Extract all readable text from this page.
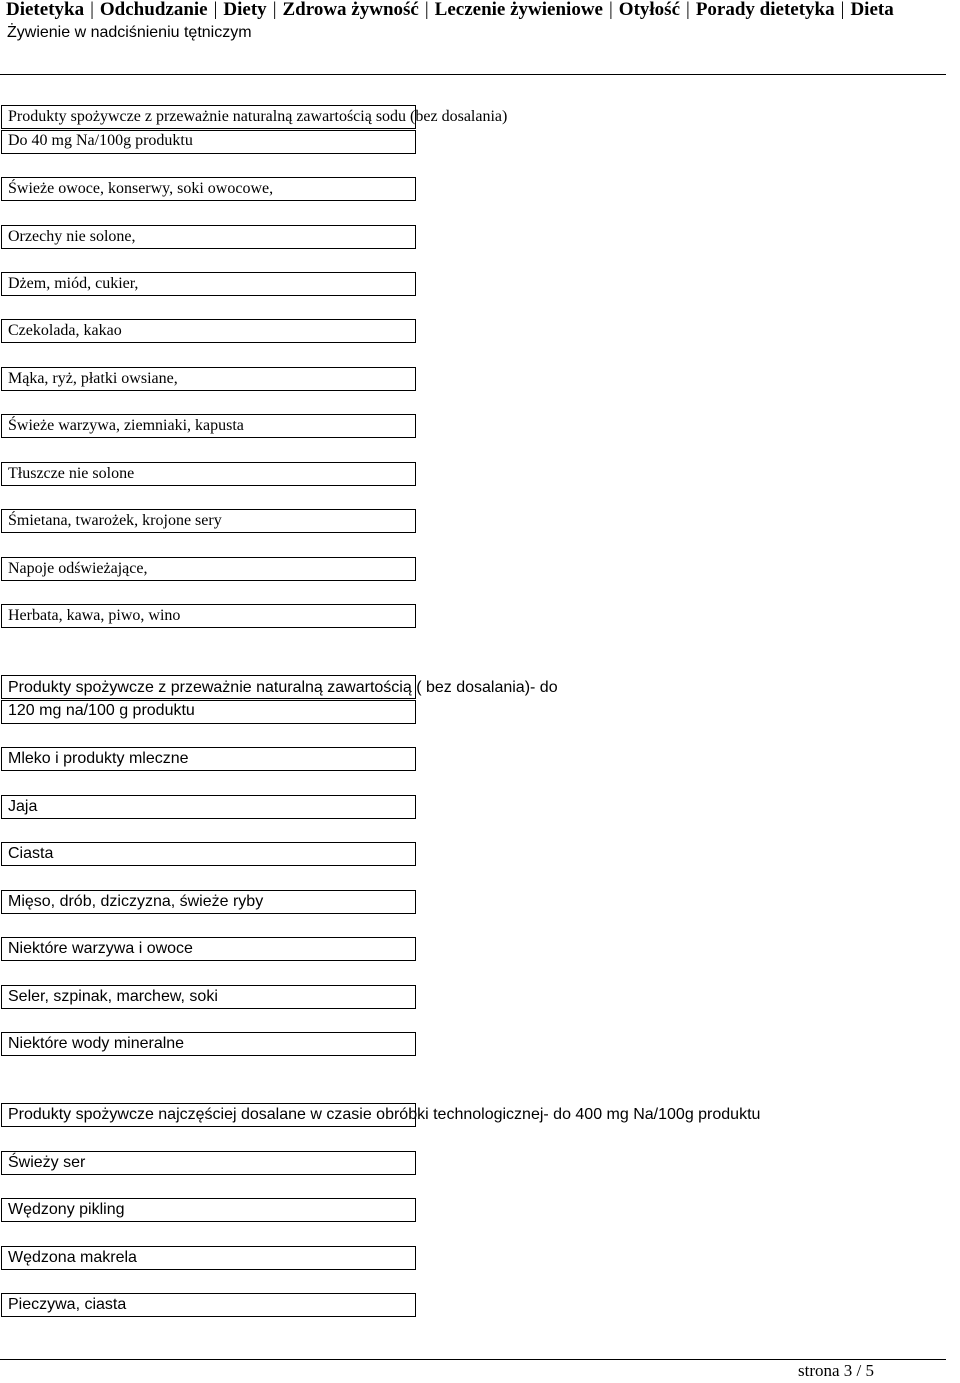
Dietetyka | Odchudzanie | Diety | Zdrowa żywność | Leczenie żywieniowe | Otyłość | Porady dietetyka | Dieta
Żywienie w nadciśnieniu tętniczym
Produkty spożywcze z przeważnie naturalną zawartością sodu (bez dosalania)
Do 40 mg Na/100g produktu
Świeże owoce, konserwy, soki owocowe,
Orzechy nie solone,
Dżem, miód, cukier,
Czekolada, kakao
Mąka, ryż, płatki owsiane,
Świeże warzywa, ziemniaki, kapusta
Tłuszcze nie solone
Śmietana, twarożek, krojone sery
Napoje odświeżające,
Herbata, kawa, piwo, wino
Produkty spożywcze z przeważnie naturalną zawartością ( bez dosalania)- do
120 mg na/100 g produktu
Mleko i produkty mleczne
Jaja
Ciasta
Mięso, drób, dziczyzna, świeże ryby
Niektóre warzywa i owoce
Seler, szpinak, marchew, soki
Niektóre wody mineralne
Produkty spożywcze najczęściej dosalane w czasie obróbki technologicznej- do 400 mg Na/100g produktu
Świeży ser
Wędzony pikling
Wędzona makrela
Pieczywa, ciasta
strona 3 / 5
